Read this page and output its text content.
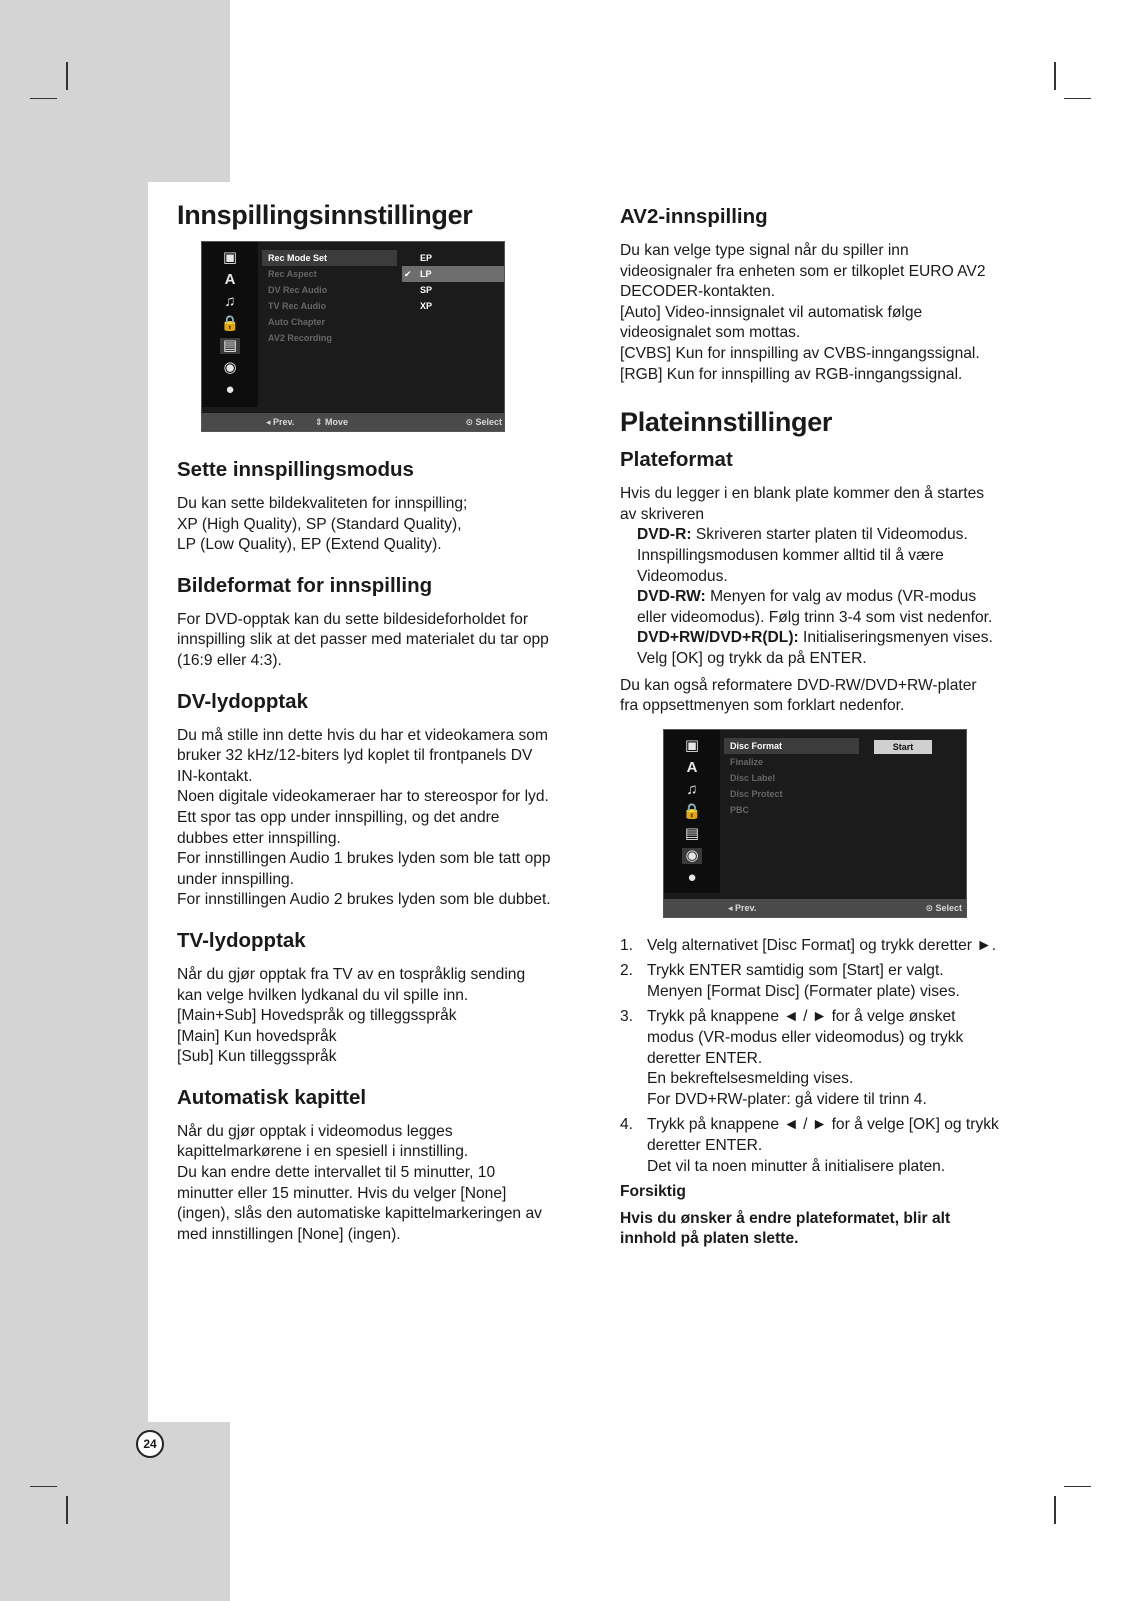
24
Innspillingsinnstillinger
▣
A
♫
🔒
▤
◉
●
Rec Mode Set
Rec Aspect
DV Rec Audio
TV Rec Audio
Auto Chapter
AV2 Recording
EP
✔ LP
SP
XP
◂ Prev. ⇕ Move	⊙ Select
Sette innspillingsmodus

Du kan sette bildekvaliteten for innspilling;

XP (High Quality), SP (Standard Quality),

LP (Low Quality), EP (Extend Quality).

Bildeformat for innspilling

For DVD-opptak kan du sette bildesideforholdet for

innspilling slik at det passer med materialet du tar opp

(16:9 eller 4:3).

DV-lydopptak

Du må stille inn dette hvis du har et videokamera som

bruker 32 kHz/12-biters lyd koplet til frontpanels DV

IN-kontakt.

Noen digitale videokameraer har to stereospor for lyd.

Ett spor tas opp under innspilling, og det andre

dubbes etter innspilling.

For innstillingen Audio 1 brukes lyden som ble tatt opp

under innspilling.

For innstillingen Audio 2 brukes lyden som ble dubbet.

TV-lydopptak

Når du gjør opptak fra TV av en tospråklig sending

kan velge hvilken lydkanal du vil spille inn.

[Main+Sub] Hovedspråk og tilleggsspråk

[Main] Kun hovedspråk

[Sub] Kun tilleggsspråk

Automatisk kapittel

Når du gjør opptak i videomodus legges

kapittelmarkørene i en spesiell i innstilling.

Du kan endre dette intervallet til 5 minutter, 10

minutter eller 15 minutter. Hvis du velger [None]

(ingen), slås den automatiske kapittelmarkeringen av

med innstillingen [None] (ingen).

AV2-innspilling

Du kan velge type signal når du spiller inn

videosignaler fra enheten som er tilkoplet EURO AV2

DECODER-kontakten.

[Auto] Video-innsignalet vil automatisk følge

videosignalet som mottas.

[CVBS] Kun for innspilling av CVBS-inngangssignal.

[RGB] Kun for innspilling av RGB-inngangssignal.

Plateinnstillinger
Plateformat

Hvis du legger i en blank plate kommer den å startes

av skriveren

DVD-R: Skriveren starter platen til Videomodus.

Innspillingsmodusen kommer alltid til å være

Videomodus.

DVD-RW: Menyen for valg av modus (VR-modus

eller videomodus). Følg trinn 3-4 som vist nedenfor.

DVD+RW/DVD+R(DL): Initialiseringsmenyen vises.

Velg [OK] og trykk da på ENTER.

Du kan også reformatere DVD-RW/DVD+RW-plater

fra oppsettmenyen som forklart nedenfor.

▣
A
♫
🔒
▤
◉
●
Disc Format
Finalize
Disc Label
Disc Protect
PBC
Start
◂ Prev.	⊙ Select
1. Velg alternativet [Disc Format] og trykk deretter ►.
2. Trykk ENTER samtidig som [Start] er valgt.
Menyen [Format Disc] (Formater plate) vises.
3. Trykk på knappene ◄ / ► for å velge ønsket
modus (VR-modus eller videomodus) og trykk
deretter ENTER.
En bekreftelsesmelding vises.
For DVD+RW-plater: gå videre til trinn 4.
4. Trykk på knappene ◄ / ► for å velge [OK] og trykk
deretter ENTER.
Det vil ta noen minutter å initialisere platen.

Forsiktig

Hvis du ønsker å endre plateformatet, blir alt

innhold på platen slette.
